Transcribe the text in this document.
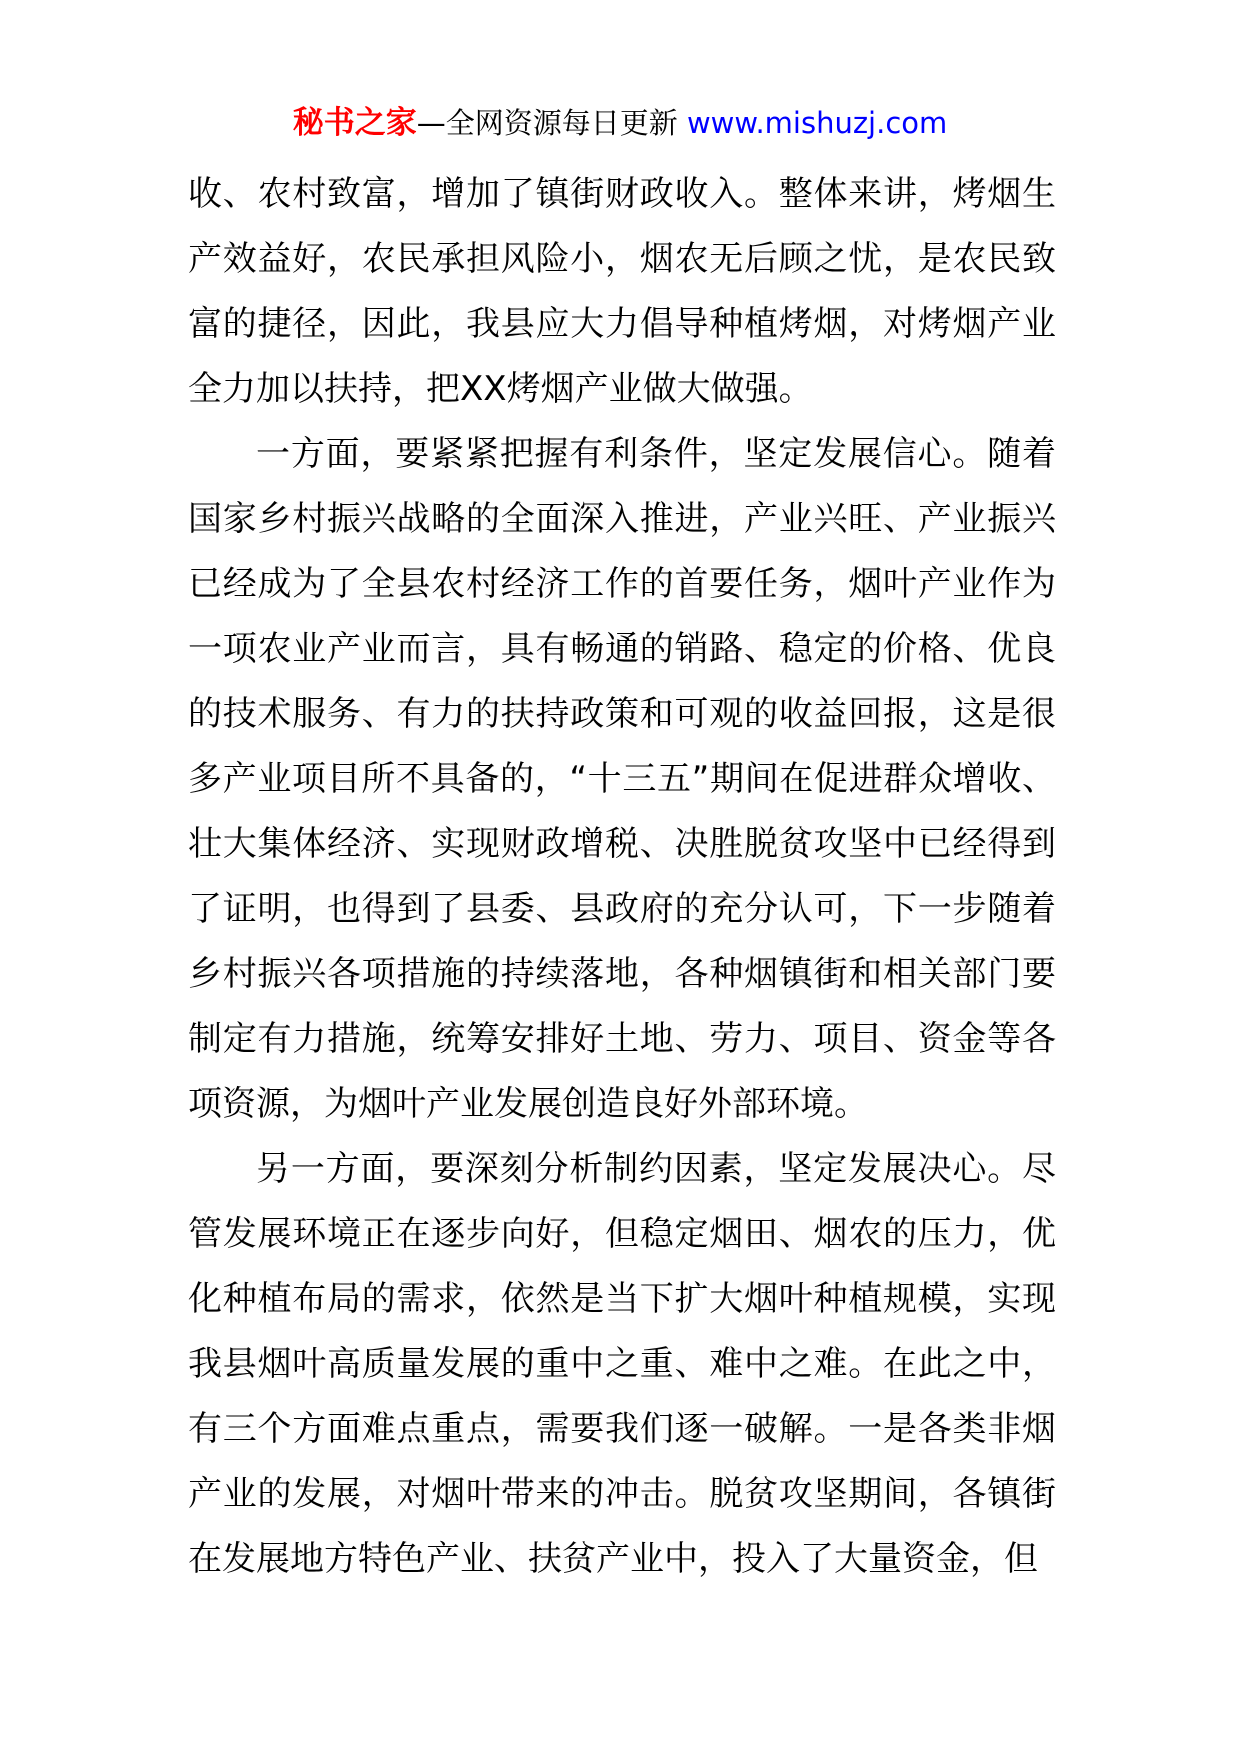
秘书之家—全网资源每日更新 www.mishuzj.com

收、农村致富，增加了镇街财政收入。整体来讲，烤烟生产效益好，农民承担风险小，烟农无后顾之忧，是农民致富的捷径，因此，我县应大力倡导种植烤烟，对烤烟产业全力加以扶持，把XX烤烟产业做大做强。

一方面，要紧紧把握有利条件，坚定发展信心。随着国家乡村振兴战略的全面深入推进，产业兴旺、产业振兴已经成为了全县农村经济工作的首要任务，烟叶产业作为一项农业产业而言，具有畅通的销路、稳定的价格、优良的技术服务、有力的扶持政策和可观的收益回报，这是很多产业项目所不具备的，“十三五”期间在促进群众增收、壮大集体经济、实现财政增税、决胜脱贫攻坚中已经得到了证明，也得到了县委、县政府的充分认可，下一步随着乡村振兴各项措施的持续落地，各种烟镇街和相关部门要制定有力措施，统筹安排好土地、劳力、项目、资金等各项资源，为烟叶产业发展创造良好外部环境。

另一方面，要深刻分析制约因素，坚定发展决心。尽管发展环境正在逐步向好，但稳定烟田、烟农的压力，优化种植布局的需求，依然是当下扩大烟叶种植规模，实现我县烟叶高质量发展的重中之重、难中之难。在此之中，有三个方面难点重点，需要我们逐一破解。一是各类非烟产业的发展，对烟叶带来的冲击。脱贫攻坚期间，各镇街在发展地方特色产业、扶贫产业中，投入了大量资金，但
